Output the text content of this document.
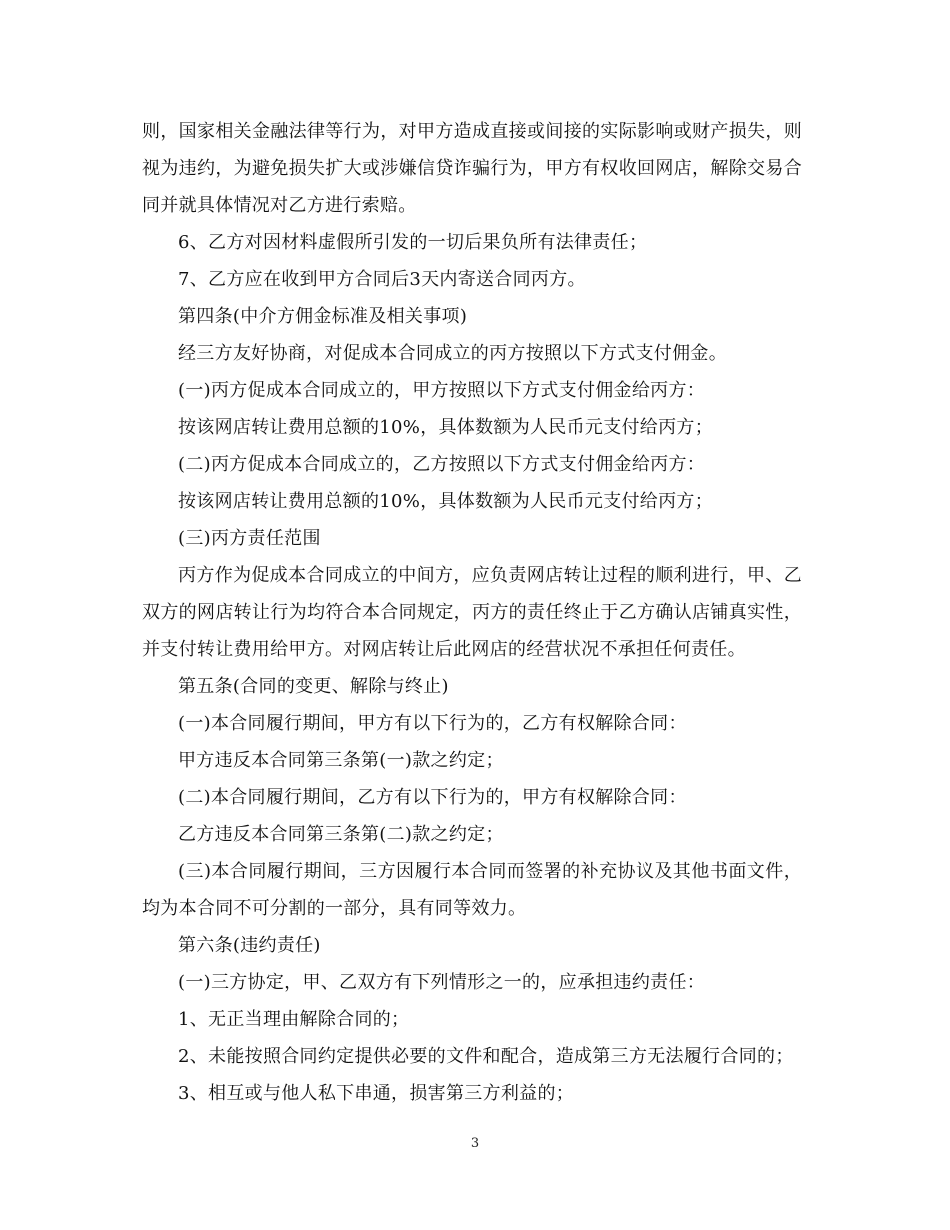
则，国家相关金融法律等行为，对甲方造成直接或间接的实际影响或财产损失，则视为违约，为避免损失扩大或涉嫌信贷诈骗行为，甲方有权收回网店，解除交易合同并就具体情况对乙方进行索赔。

6、乙方对因材料虚假所引发的一切后果负所有法律责任；

7、乙方应在收到甲方合同后3天内寄送合同丙方。

第四条(中介方佣金标准及相关事项)

经三方友好协商，对促成本合同成立的丙方按照以下方式支付佣金。

(一)丙方促成本合同成立的，甲方按照以下方式支付佣金给丙方：

按该网店转让费用总额的10%，具体数额为人民币元支付给丙方；

(二)丙方促成本合同成立的，乙方按照以下方式支付佣金给丙方：

按该网店转让费用总额的10%，具体数额为人民币元支付给丙方；

(三)丙方责任范围

丙方作为促成本合同成立的中间方，应负责网店转让过程的顺利进行，甲、乙双方的网店转让行为均符合本合同规定，丙方的责任终止于乙方确认店铺真实性，并支付转让费用给甲方。对网店转让后此网店的经营状况不承担任何责任。

第五条(合同的变更、解除与终止)

(一)本合同履行期间，甲方有以下行为的，乙方有权解除合同：

甲方违反本合同第三条第(一)款之约定；

(二)本合同履行期间，乙方有以下行为的，甲方有权解除合同：

乙方违反本合同第三条第(二)款之约定；

(三)本合同履行期间，三方因履行本合同而签署的补充协议及其他书面文件，均为本合同不可分割的一部分，具有同等效力。

第六条(违约责任)

(一)三方协定，甲、乙双方有下列情形之一的，应承担违约责任：

1、无正当理由解除合同的；

2、未能按照合同约定提供必要的文件和配合，造成第三方无法履行合同的；

3、相互或与他人私下串通，损害第三方利益的；

3
